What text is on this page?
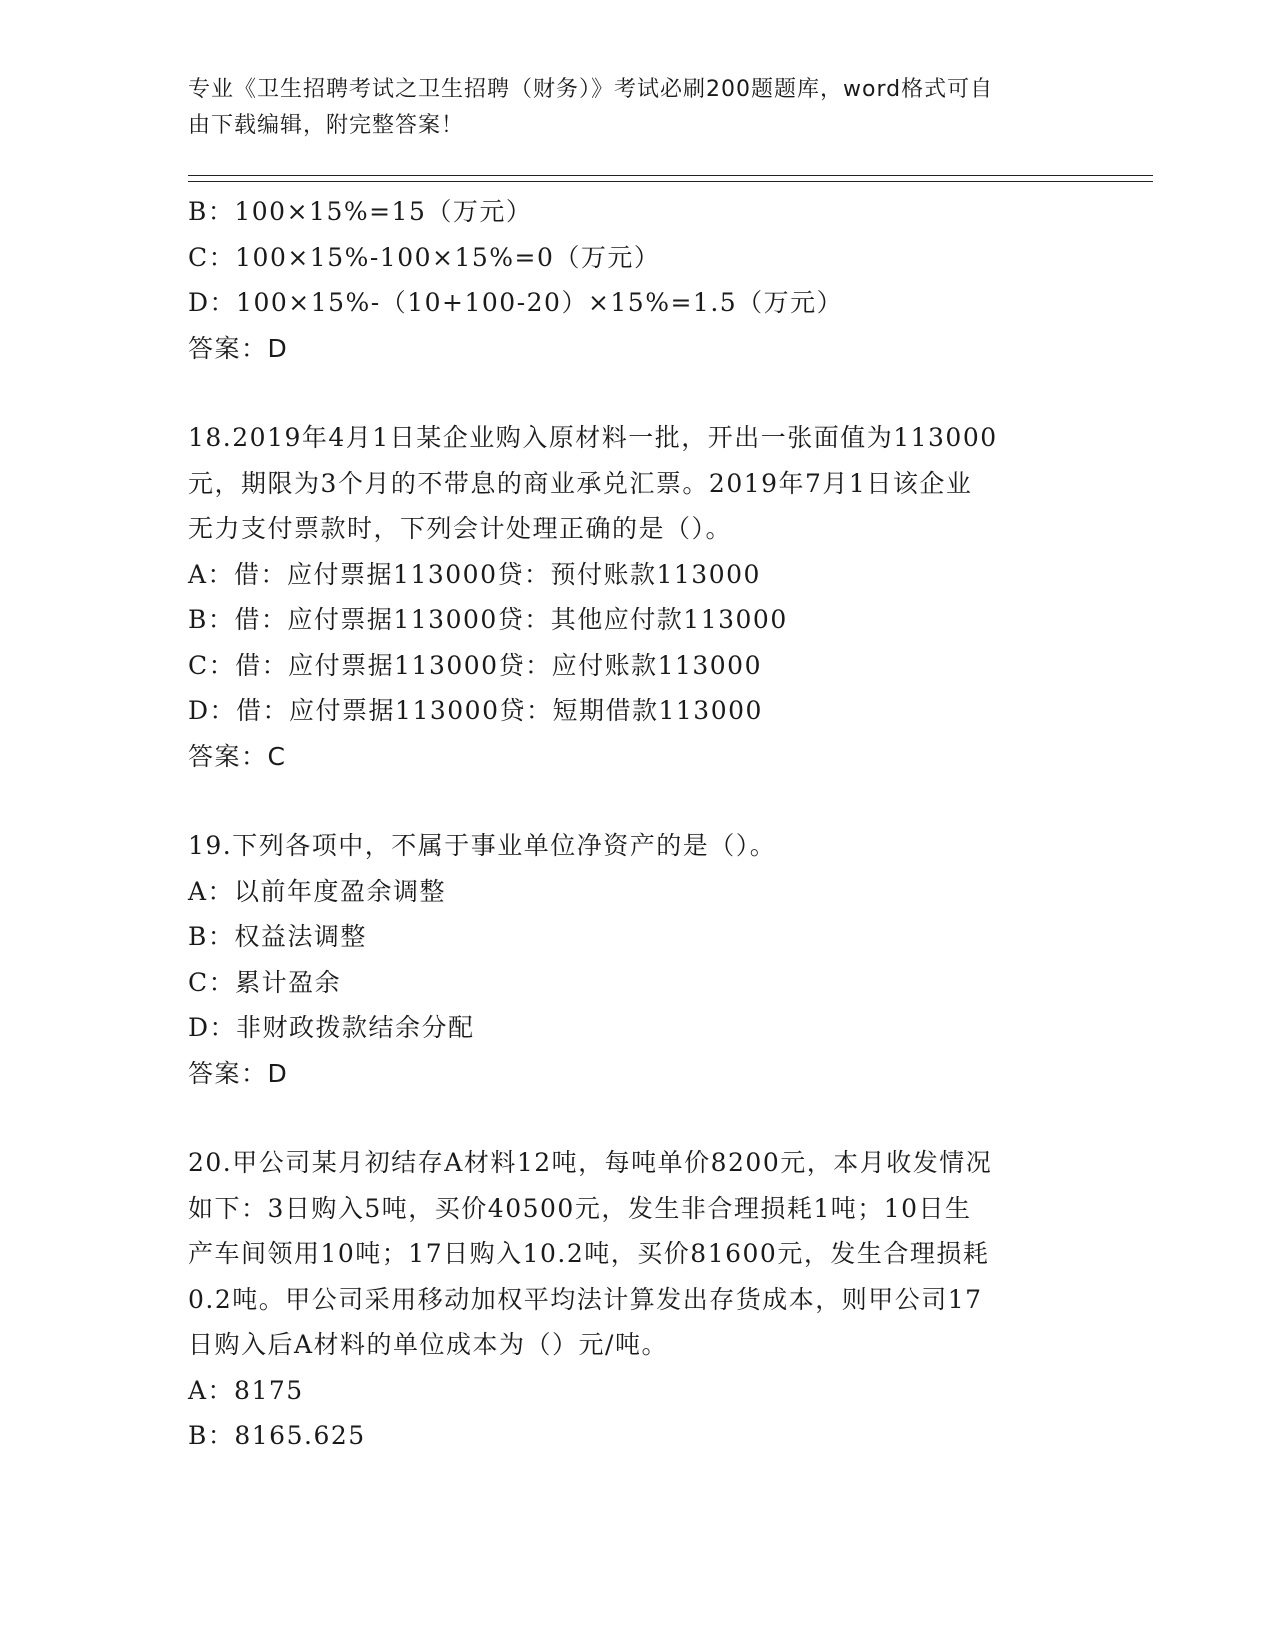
专业《卫生招聘考试之卫生招聘（财务）》考试必刷200题题库，word格式可自
由下载编辑，附完整答案！
B：100×15%=15（万元）
C：100×15%-100×15%=0（万元）
D：100×15%-（10+100-20）×15%=1.5（万元）
答案：D
18.2019年4月1日某企业购入原材料一批，开出一张面值为113000
元，期限为3个月的不带息的商业承兑汇票。2019年7月1日该企业
无力支付票款时，下列会计处理正确的是（）。
A：借：应付票据113000贷：预付账款113000
B：借：应付票据113000贷：其他应付款113000
C：借：应付票据113000贷：应付账款113000
D：借：应付票据113000贷：短期借款113000
答案：C
19.下列各项中，不属于事业单位净资产的是（）。
A：以前年度盈余调整
B：权益法调整
C：累计盈余
D：非财政拨款结余分配
答案：D
20.甲公司某月初结存A材料12吨，每吨单价8200元，本月收发情况
如下：3日购入5吨，买价40500元，发生非合理损耗1吨；10日生
产车间领用10吨；17日购入10.2吨，买价81600元，发生合理损耗
0.2吨。甲公司采用移动加权平均法计算发出存货成本，则甲公司17
日购入后A材料的单位成本为（）元/吨。
A：8175
B：8165.625
